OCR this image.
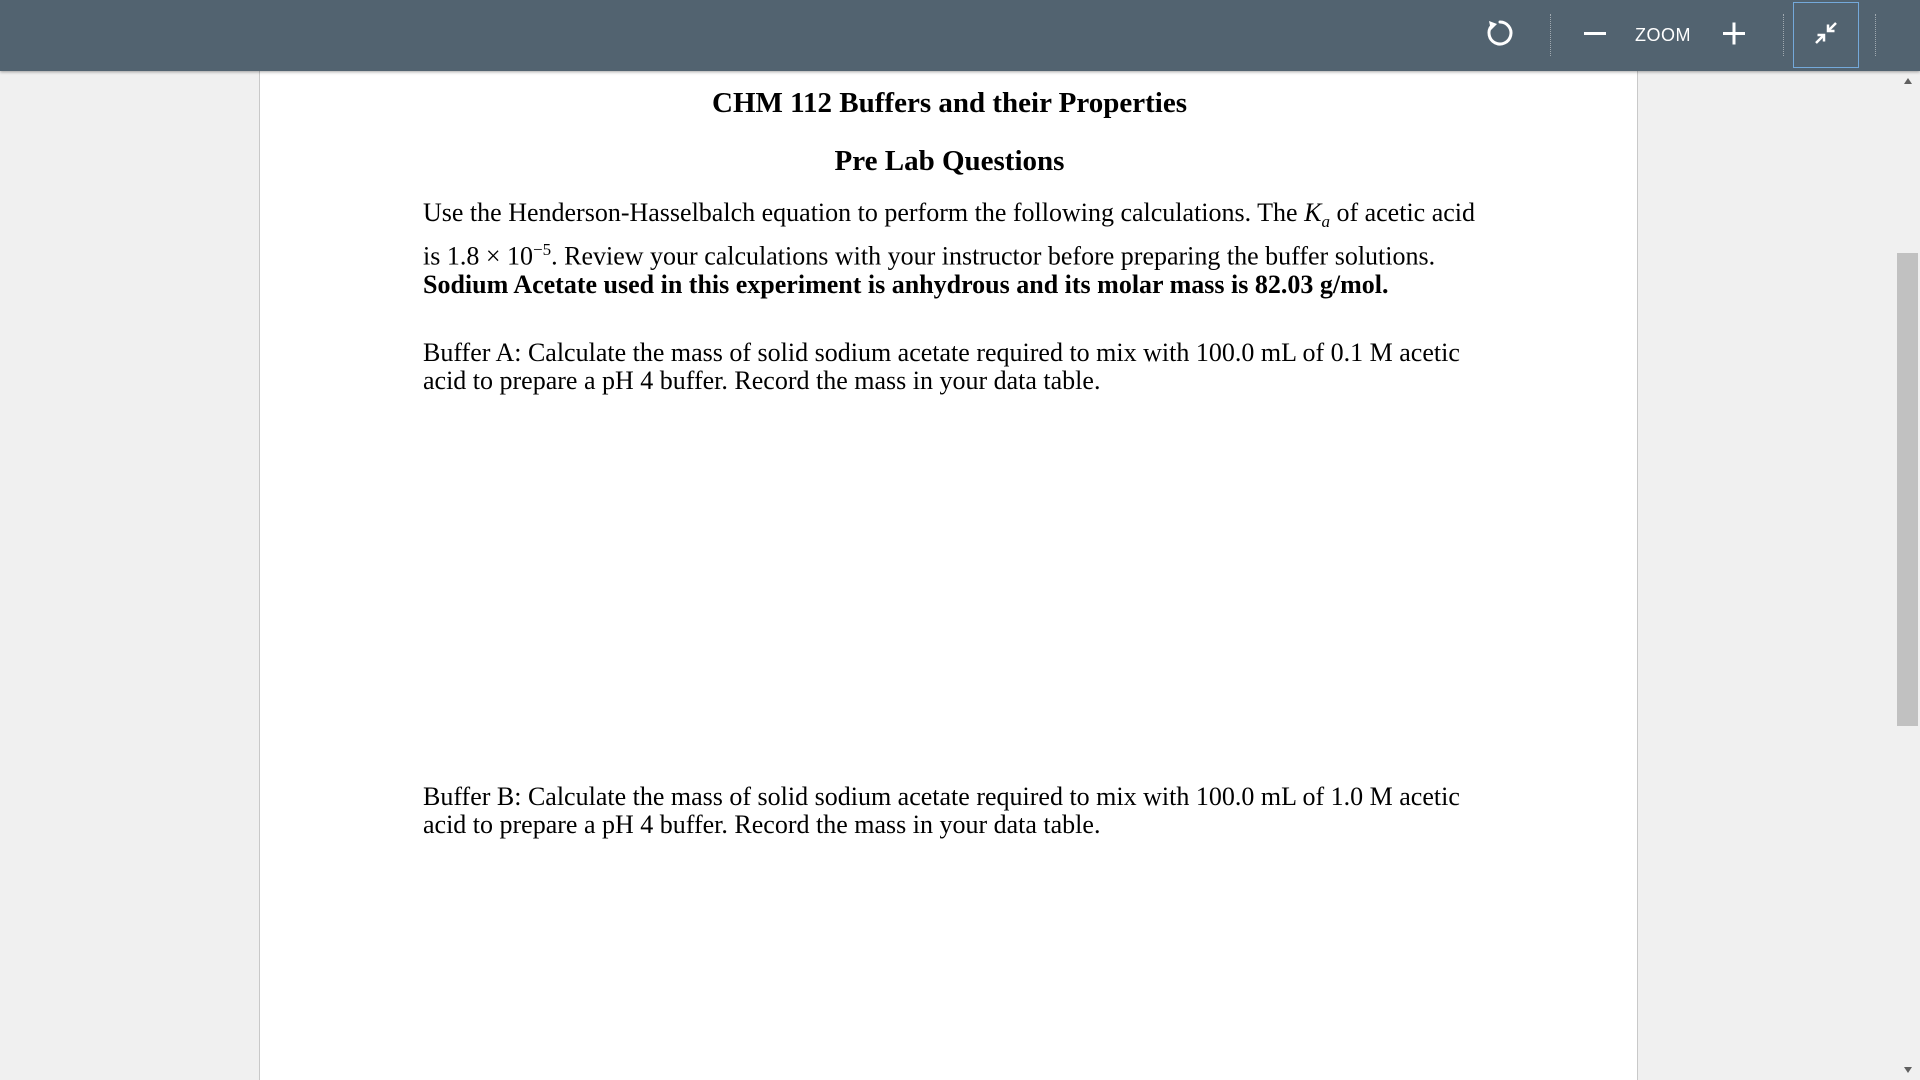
ZOOM
CHM 112 Buffers and their Properties
Pre Lab Questions
Use the Henderson-Hasselbalch equation to perform the following calculations. The $K_a$ of acetic acid is $1.8 \times 10^{-5}$. Review your calculations with your instructor before preparing the buffer solutions. Sodium Acetate used in this experiment is anhydrous and its molar mass is 82.03 g/mol.
Buffer A: Calculate the mass of solid sodium acetate required to mix with 100.0 mL of 0.1 M acetic acid to prepare a pH 4 buffer. Record the mass in your data table.
Buffer B: Calculate the mass of solid sodium acetate required to mix with 100.0 mL of 1.0 M acetic acid to prepare a pH 4 buffer. Record the mass in your data table.
